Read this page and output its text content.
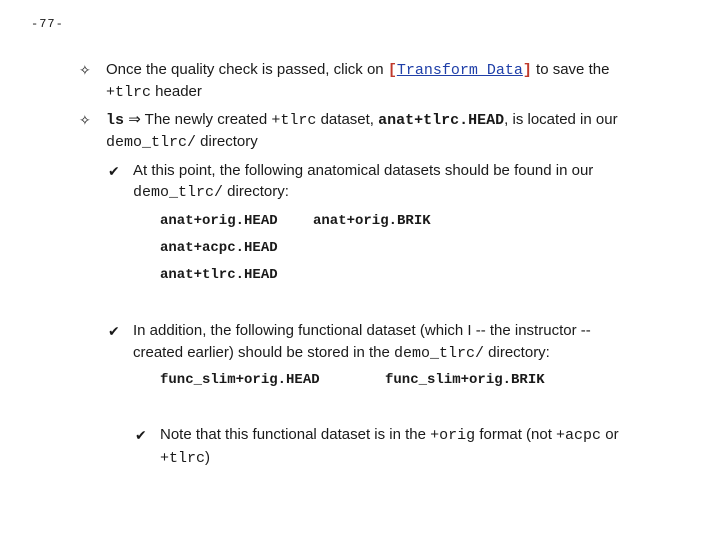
-77-
✧ Once the quality check is passed, click on [Transform Data] to save the
+tlrc header
✧ ls ⇒ The newly created +tlrc dataset, anat+tlrc.HEAD, is located in our
demo_tlrc/ directory
✔ At this point, the following anatomical datasets should be found in our
demo_tlrc/ directory:
anat+orig.HEAD	anat+orig.BRIK
anat+acpc.HEAD
anat+tlrc.HEAD
✔ In addition, the following functional dataset (which I -- the instructor --
created earlier) should be stored in the demo_tlrc/ directory:
func_slim+orig.HEAD	func_slim+orig.BRIK
✔ Note that this functional dataset is in the +orig format (not +acpc or
+tlrc)
